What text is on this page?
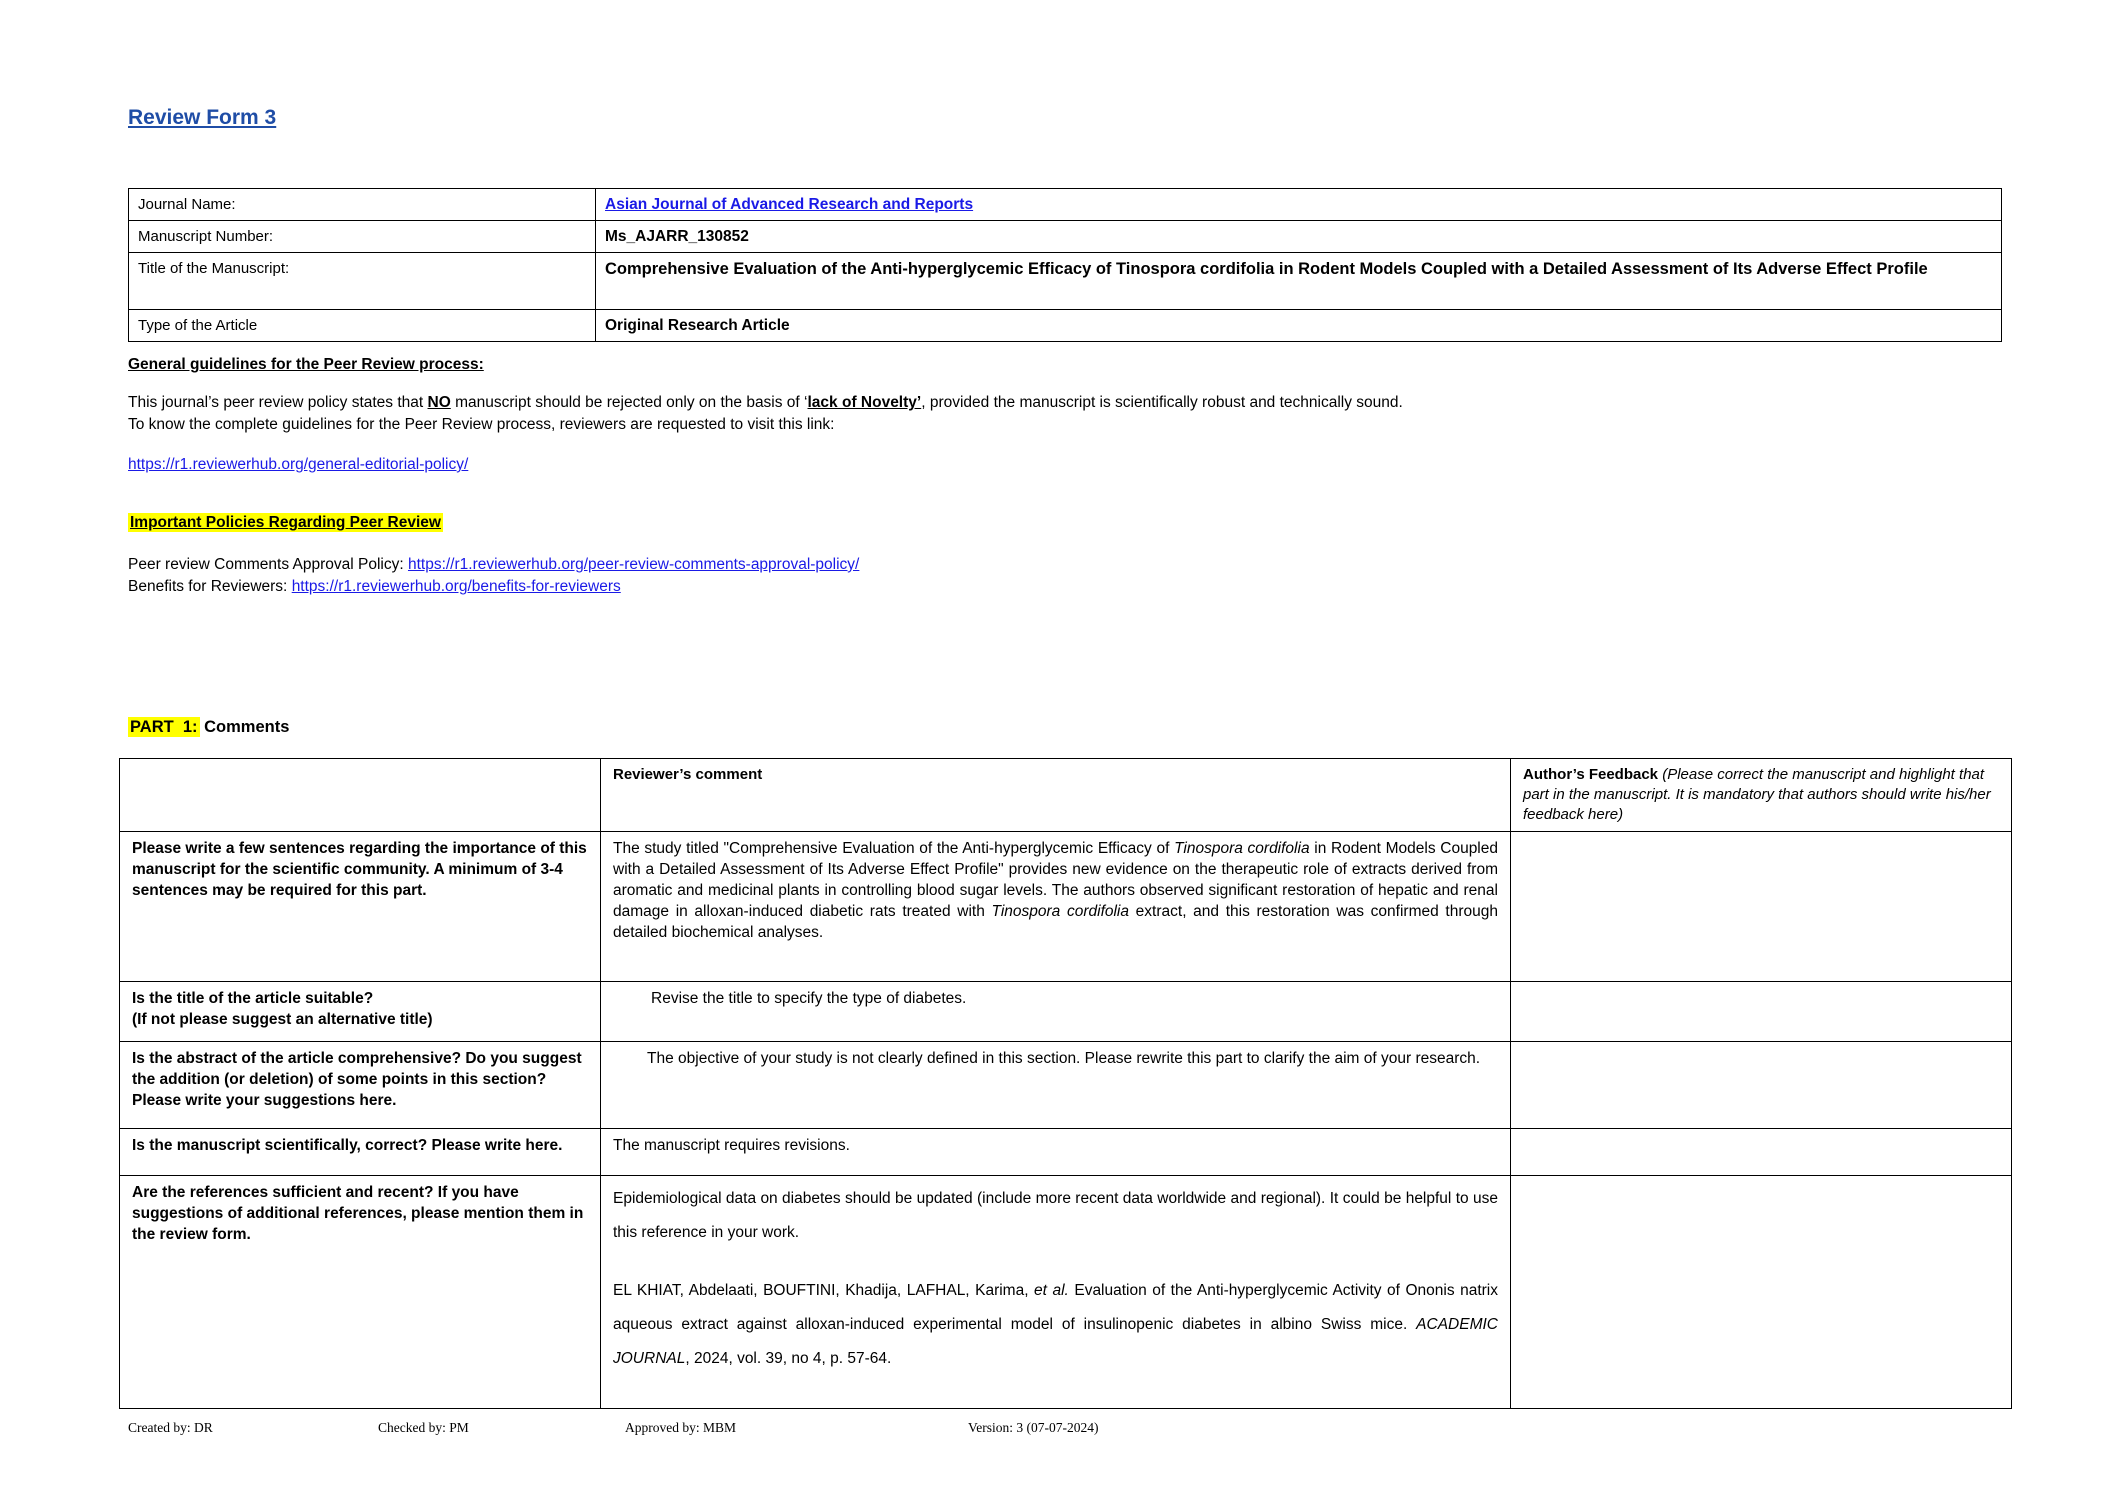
Review Form 3
Journal Name:	Asian Journal of Advanced Research and Reports
Manuscript Number:	Ms_AJARR_130852
Title of the Manuscript:	Comprehensive Evaluation of the Anti-hyperglycemic Efficacy of Tinospora cordifolia in Rodent Models Coupled with a Detailed Assessment of Its Adverse Effect Profile
Type of the Article	Original Research Article
General guidelines for the Peer Review process:
This journal’s peer review policy states that NO manuscript should be rejected only on the basis of ‘lack of Novelty’, provided the manuscript is scientifically robust and technically sound.
To know the complete guidelines for the Peer Review process, reviewers are requested to visit this link:
https://r1.reviewerhub.org/general-editorial-policy/
Important Policies Regarding Peer Review
Peer review Comments Approval Policy: https://r1.reviewerhub.org/peer-review-comments-approval-policy/
Benefits for Reviewers: https://r1.reviewerhub.org/benefits-for-reviewers
PART  1: Comments
	Reviewer’s comment	Author’s Feedback (Please correct the manuscript and highlight that part in the manuscript. It is mandatory that authors should write his/her feedback here)
Please write a few sentences regarding the importance of this manuscript for the scientific community. A minimum of 3-4 sentences may be required for this part.	The study titled "Comprehensive Evaluation of the Anti-hyperglycemic Efficacy of Tinospora cordifolia in Rodent Models Coupled with a Detailed Assessment of Its Adverse Effect Profile" provides new evidence on the therapeutic role of extracts derived from aromatic and medicinal plants in controlling blood sugar levels. The authors observed significant restoration of hepatic and renal damage in alloxan-induced diabetic rats treated with Tinospora cordifolia extract, and this restoration was confirmed through detailed biochemical analyses.	
Is the title of the article suitable?
(If not please suggest an alternative title)	Revise the title to specify the type of diabetes.	
Is the abstract of the article comprehensive? Do you suggest the addition (or deletion) of some points in this section? Please write your suggestions here.	The objective of your study is not clearly defined in this section. Please rewrite this part to clarify the aim of your research.	
Is the manuscript scientifically, correct? Please write here.	The manuscript requires revisions.	
Are the references sufficient and recent? If you have suggestions of additional references, please mention them in the review form.	Epidemiological data on diabetes should be updated (include more recent data worldwide and regional). It could be helpful to use this reference in your work.

EL KHIAT, Abdelaati, BOUFTINI, Khadija, LAFHAL, Karima, et al. Evaluation of the Anti-hyperglycemic Activity of Ononis natrix aqueous extract against alloxan-induced experimental model of insulinopenic diabetes in albino Swiss mice. ACADEMIC JOURNAL, 2024, vol. 39, no 4, p. 57-64.	

Created by: DR	Checked by: PM	Approved by: MBM	Version: 3 (07-07-2024)
